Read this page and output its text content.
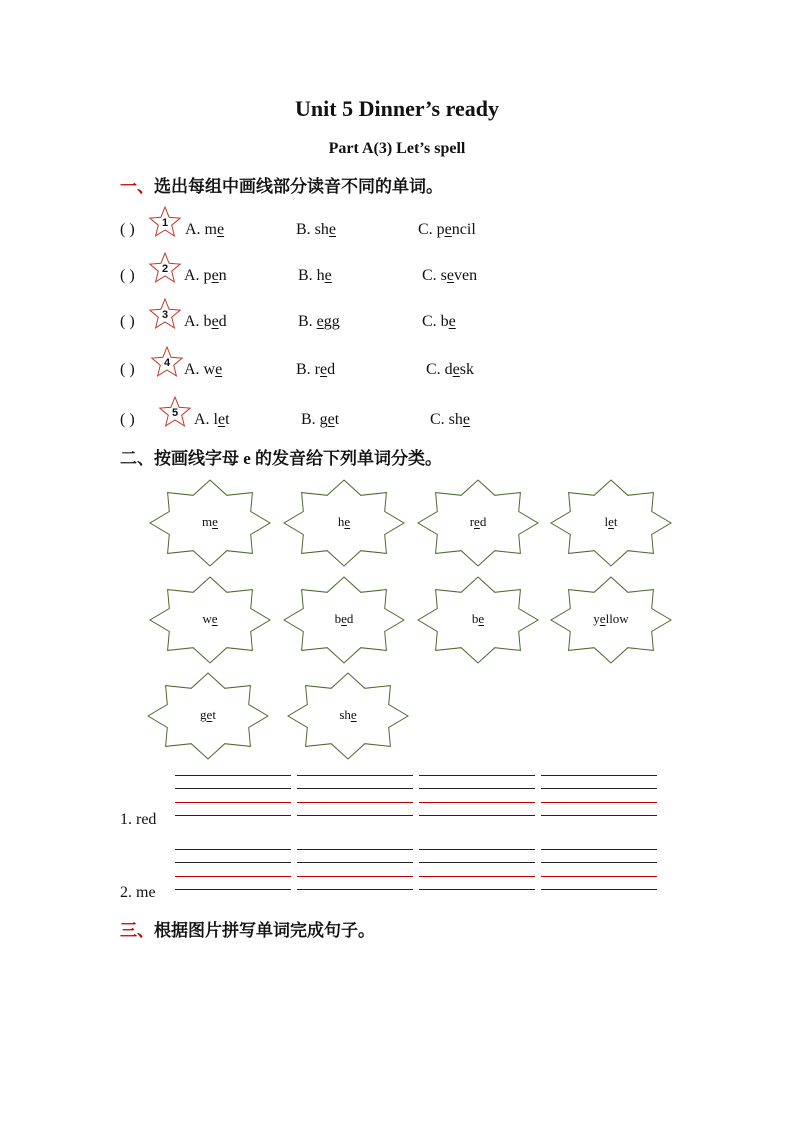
Unit 5 Dinner’s ready
Part A(3) Let’s spell
一、选出每组中画线部分读音不同的单词。
( ) 1 A. me	B. she	C. pencil
( ) 2 A. pen	B. he	C. seven
( ) 3 A. bed	B. egg	C. be
( )	4 A. we	B. red	C. desk
( )	5 A. let	B. get	C. she
二、按画线字母 e 的发音给下列单词分类。
me	he	red	let
we	bed	be	yellow
get	she
1. red
2. me
三、根据图片拼写单词完成句子。
